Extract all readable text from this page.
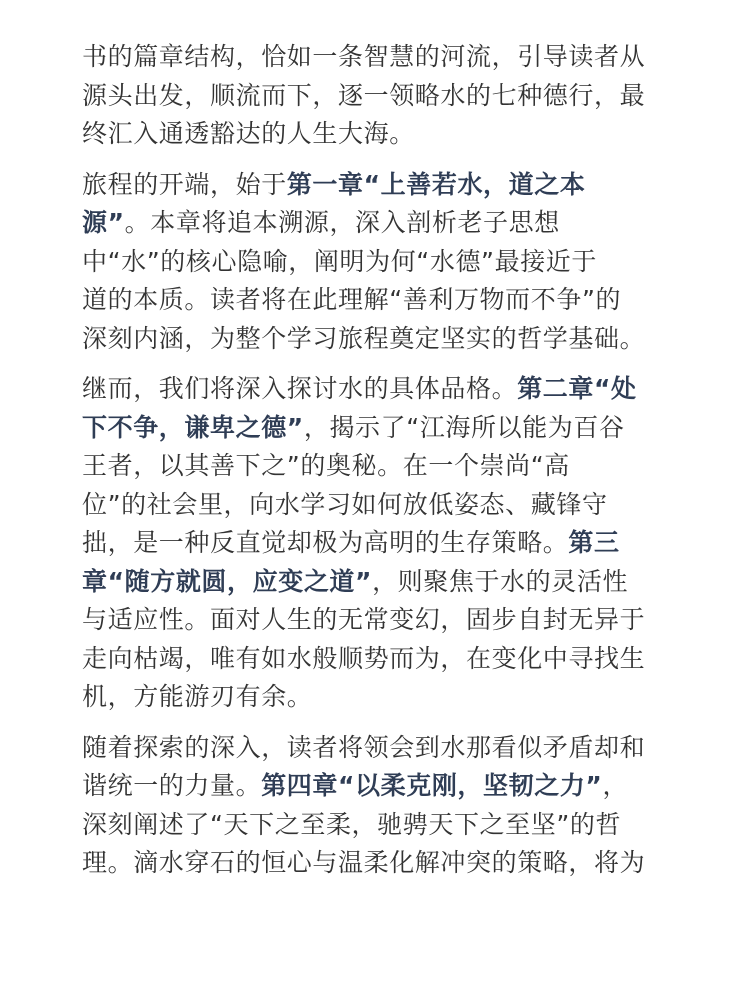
书的篇章结构，恰如一条智慧的河流，引导读者从
源头出发，顺流而下，逐一领略水的七种德行，最
终汇入通透豁达的人生大海。

旅程的开端，始于第一章“上善若水，道之本
源”。本章将追本溯源，深入剖析老子思想
中“水”的核心隐喻，阐明为何“水德”最接近于
道的本质。读者将在此理解“善利万物而不争”的
深刻内涵，为整个学习旅程奠定坚实的哲学基础。

继而，我们将深入探讨水的具体品格。第二章“处
下不争，谦卑之德”，揭示了“江海所以能为百谷
王者，以其善下之”的奥秘。在一个崇尚“高
位”的社会里，向水学习如何放低姿态、藏锋守
拙，是一种反直觉却极为高明的生存策略。第三
章“随方就圆，应变之道”，则聚焦于水的灵活性
与适应性。面对人生的无常变幻，固步自封无异于
走向枯竭，唯有如水般顺势而为，在变化中寻找生
机，方能游刃有余。

随着探索的深入，读者将领会到水那看似矛盾却和
谐统一的力量。第四章“以柔克刚，坚韧之力”，
深刻阐述了“天下之至柔，驰骋天下之至坚”的哲
理。滴水穿石的恒心与温柔化解冲突的策略，将为
